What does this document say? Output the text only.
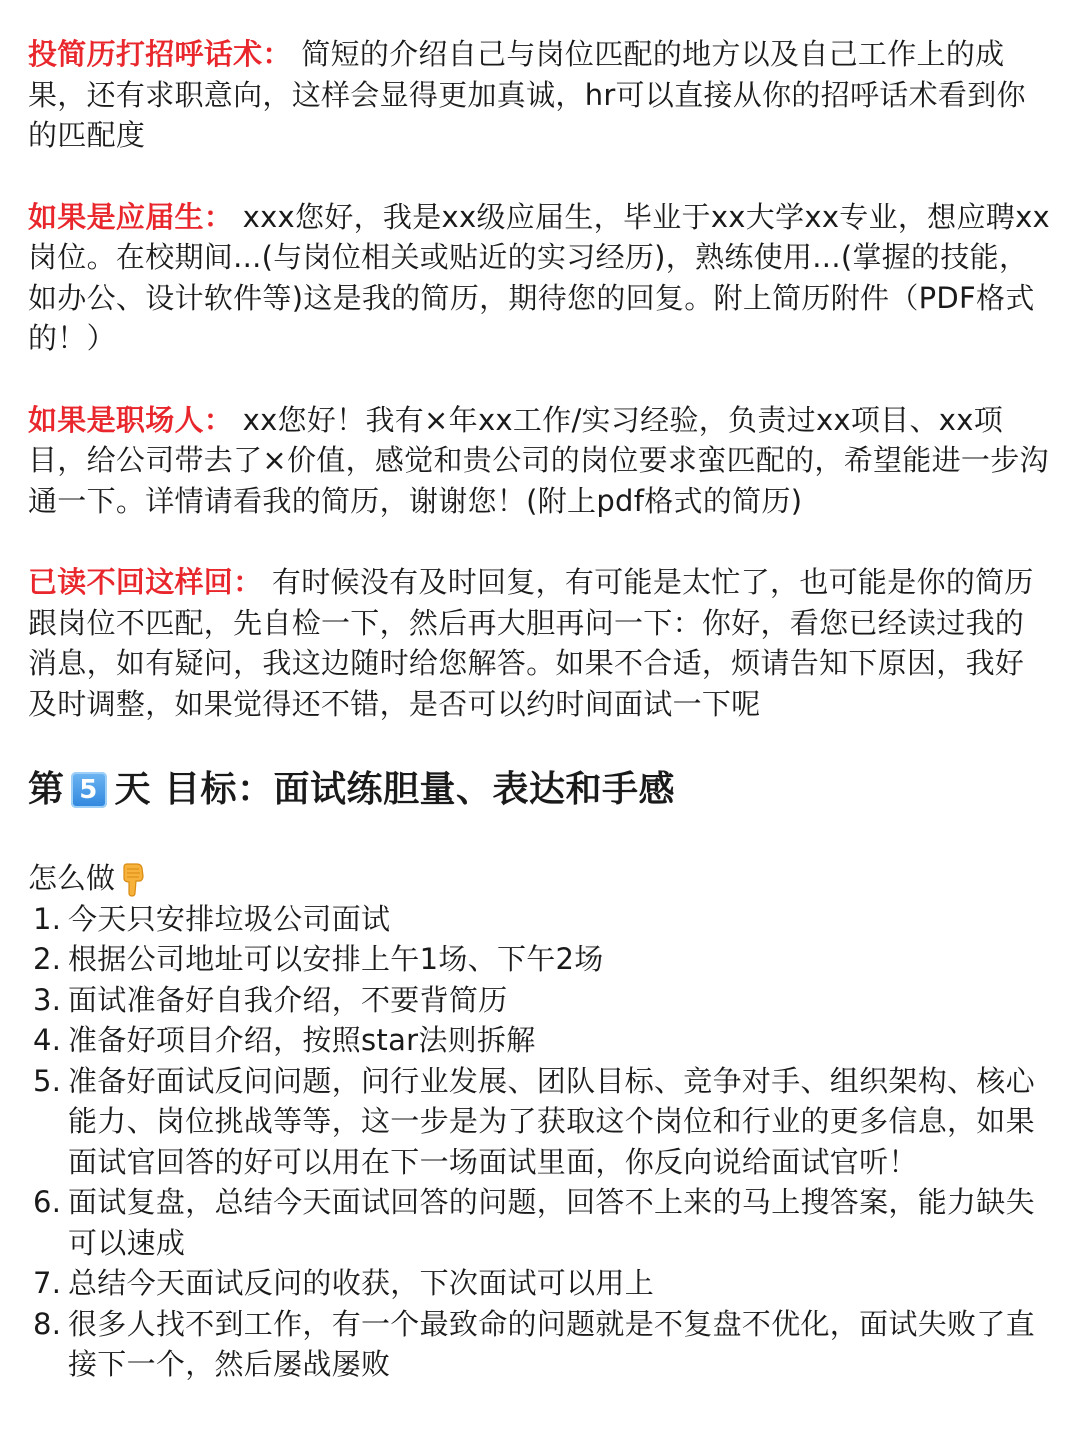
投简历打招呼话术： 简短的介绍自己与岗位匹配的地方以及自己工作上的成果，还有求职意向，这样会显得更加真诚，hr可以直接从你的招呼话术看到你的匹配度

如果是应届生： xxx您好，我是xx级应届生，毕业于xx大学xx专业，想应聘xx岗位。在校期间...(与岗位相关或贴近的实习经历)，熟练使用...(掌握的技能，如办公、设计软件等)这是我的简历，期待您的回复。附上简历附件（PDF格式的！）

如果是职场人： xx您好！我有×年xx工作/实习经验，负责过xx项目、xx项目，给公司带去了×价值，感觉和贵公司的岗位要求蛮匹配的，希望能进一步沟通一下。详情请看我的简历，谢谢您！(附上pdf格式的简历)

已读不回这样回： 有时候没有及时回复，有可能是太忙了，也可能是你的简历跟岗位不匹配，先自检一下，然后再大胆再问一下：你好，看您已经读过我的消息，如有疑问，我这边随时给您解答。如果不合适，烦请告知下原因，我好及时调整，如果觉得还不错，是否可以约时间面试一下呢

第 5 天 目标：面试练胆量、表达和手感
怎么做
1. 今天只安排垃圾公司面试
2. 根据公司地址可以安排上午1场、下午2场
3. 面试准备好自我介绍，不要背简历
4. 准备好项目介绍，按照star法则拆解
5. 准备好面试反问问题，问行业发展、团队目标、竞争对手、组织架构、核心能力、岗位挑战等等，这一步是为了获取这个岗位和行业的更多信息，如果面试官回答的好可以用在下一场面试里面，你反向说给面试官听！
6. 面试复盘，总结今天面试回答的问题，回答不上来的马上搜答案，能力缺失可以速成
7. 总结今天面试反问的收获，下次面试可以用上
8. 很多人找不到工作，有一个最致命的问题就是不复盘不优化，面试失败了直接下一个，然后屡战屡败
